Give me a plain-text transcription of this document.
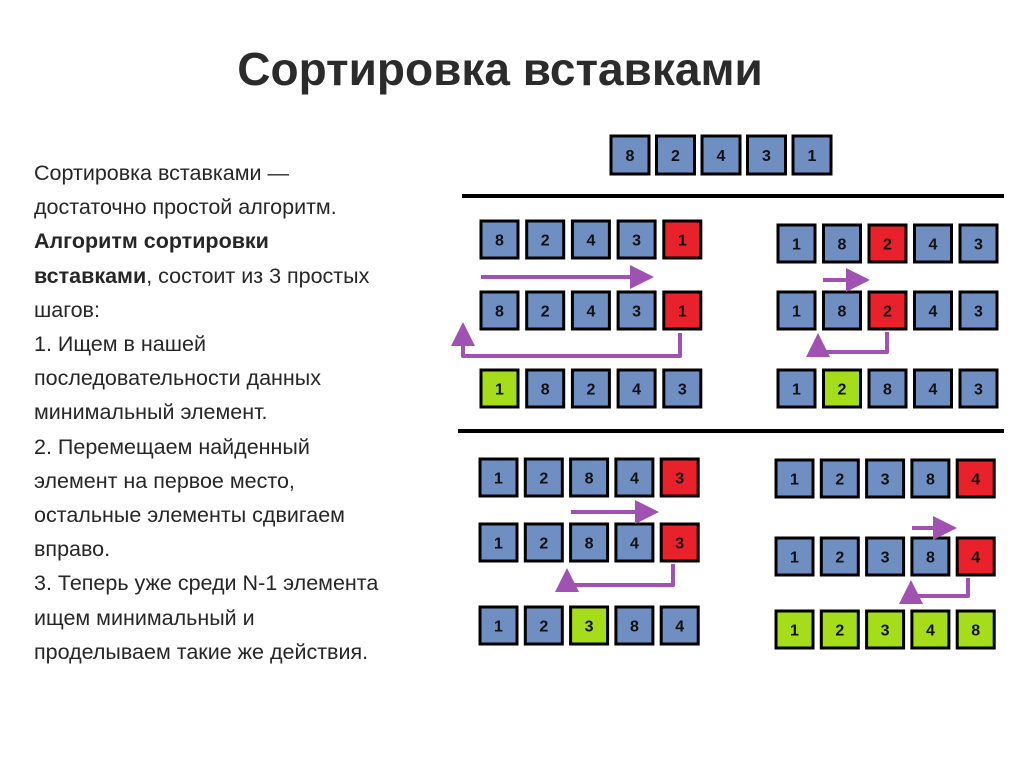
Сортировка вставками
Сортировка вставками —
достаточно простой алгоритм.
Алгоритм сортировки
вставками, состоит из 3 простых
шагов:
1. Ищем в нашей
последовательности данных
минимальный элемент.
2. Перемещаем найденный
элемент на первое место,
остальные элементы сдвигаем
вправо.
3. Теперь уже среди N-1 элемента
ищем минимальный и
проделываем такие же действия.
8 2 4 3 1
8 2 4 3 1
8 2 4 3 1
1 8 2 4 3
1 8 2 4 3
1 8 2 4 3
1 2 8 4 3
1 2 8 4 3
1 2 8 4 3
1 2 3 8 4
1 2 3 8 4
1 2 3 8 4
1 2 3 4 8
